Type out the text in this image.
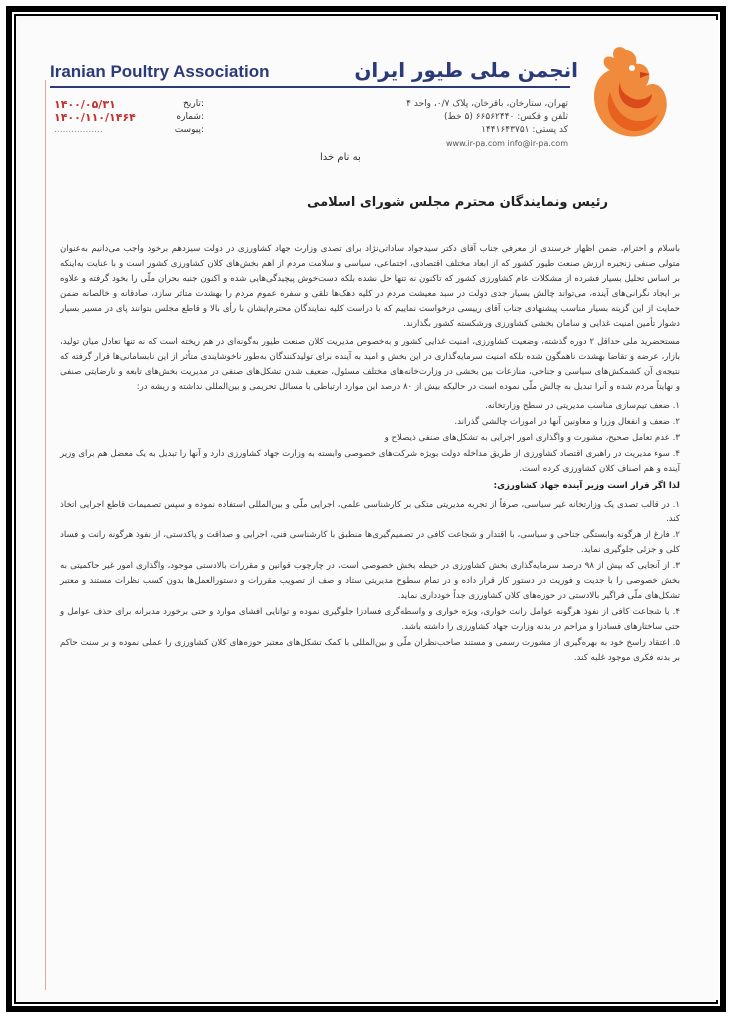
Iranian Poultry Association	انجمن ملی طیور ایران
تهران، ستارخان، باقرخان، پلاک ۰/۷، واحد ۴
تلفن و فکس: ۶۶۵۶۲۴۴۰ (۵ خط)
کد پستی: ۱۴۴۱۶۴۳۷۵۱
www.ir-pa.com info@ir-pa.com
۱۴۰۰/۰۵/۳۱	تاریخ:
۱۴۰۰/۱۱۰/۱۴۶۴	شماره:
.................	پیوست:
به نام خدا
رئیس ونمایندگان محترم مجلس شورای اسلامی

باسلام و احترام، ضمن اظهار خرسندی از معرفی جناب آقای دکتر سیدجواد ساداتی‌نژاد برای تصدی وزارت جهاد کشاورزی در دولت سیزدهم برخود واجب می‌دانیم به‌عنوان متولی صنفی زنجیره ارزش صنعت طیور کشور که از ابعاد مختلف اقتصادی، اجتماعی، سیاسی و سلامت مردم از اهم بخش‌های کلان کشاورزی کشور است و با عنایت به‌اینکه بر اساس تحلیل بسیار فشرده از مشکلات عام کشاورزی کشور که تاکنون نه تنها حل نشده بلکه دست‌خوش پیچیدگی‌هایی شده و اکنون جنبه بحران ملّی را بخود گرفته و علاوه بر ایجاد نگرانی‌های آینده، می‌تواند چالش بسیار جدی دولت در سبد معیشت مردم در کلیه دهک‌ها تلقی و سفره عموم مردم را بهشدت متاثر سازد، صادقانه و خالصانه ضمن حمایت از این گزینه بسیار مناسب پیشنهادی جناب آقای رییسی درخواست نماییم که با دراست کلیه نمایندگان محترم‌ایشان با رأی بالا و قاطع مجلس بتوانند پای در مسیر بسیار دشوار تأمین امنیت غذایی و سامان بخشی کشاورزی ورشکسته کشور بگذارند.

مستحضرید ملی حداقل ۲ دوره گذشته، وضعیت کشاورزی، امنیت غذایی کشور و به‌خصوص مدیریت کلان صنعت طیور به‌گونه‌ای در هم ریخته است که نه تنها تعادل میان تولید، بازار، عرضه و تقاضا بهشدت ناهمگون شده بلکه امنیت سرمایه‌گذاری در این بخش و امید به آینده برای تولیدکنندگان به‌طور ناخوشایندی متأثر از این نابسامانی‌ها قرار گرفته که نتیجه‌ی آن کشمکش‌های سیاسی و جناحی، منازعات بین بخشی در وزارت‌خانه‌های مختلف مسئول، ضعیف شدن تشکل‌های صنفی در مدیریت بخش‌های تابعه و نارضایتی صنفی و نهایتاً مردم شده و آنرا تبدیل به چالش ملّی نموده است در حالیکه بیش از ۸۰ درصد این موارد ارتباطی با مسائل تحریمی و بین‌المللی نداشته و ریشه در:

۱. ضعف تیم‌سازی مناسب مدیریتی در سطح وزارتخانه.

۲. ضعف و انفعال وزرا و معاونین آنها در امورات چالشی گذراند.

۳. عدم تعامل صحیح، مشورت و واگذاری امور اجرایی به تشکل‌های صنفی ذیصلاح و

۴. سوء مدیریت در راهبری اقتصاد کشاورزی از طریق مداخله دولت بویژه شرکت‌های خصوصی وابسته به وزارت جهاد کشاورزی دارد و آنها را تبدیل به یک معضل هم برای وزیر آینده و هم اصناف کلان کشاورزی کرده است.

لذا اگر قرار است وزیر آینده جهاد کشاورزی:

۱. در قالب تصدی یک وزارتخانه غیر سیاسی، صرفاً از تجربه مدیریتی متکی بر کارشناسی علمی، اجرایی ملّی و بین‌المللی استفاده نموده و سپس تصمیمات قاطع اجرایی اتخاذ کند.

۲. فارغ از هرگونه وابستگی جناحی و سیاسی، با اقتدار و شجاعت کافی در تصمیم‌گیری‌ها منطبق با کارشناسی فنی، اجرایی و صداقت و پاکدستی، از نفوذ هرگونه رانت و فساد کلی و جزئی جلوگیری نماید.

۳. از آنجایی که بیش از ۹۸ درصد سرمایه‌گذاری بخش کشاورزی در حیطه بخش خصوصی است، در چارچوب قوانین و مقررات بالادستی موجود، واگذاری امور غیر حاکمیتی به بخش خصوصی را با جدیت و فوریت در دستور کار قرار داده و در تمام سطوح مدیریتی ستاد و صف از تصویب مقررات و دستورالعمل‌ها بدون کسب نظرات مستند و معتبر تشکل‌های ملّی فراگیر بالادستی در حوزه‌های کلان کشاورزی جداً خودداری نماید.

۴. با شجاعت کافی از نفوذ هرگونه عوامل رانت خواری، ویژه خواری و واسطه‌گری فسادزا جلوگیری نموده و توانایی افشای موارد و حتی برخورد مدبرانه برای حذف عوامل و حتی ساختارهای فسادزا و مزاحم در بدنه وزارت جهاد کشاورزی را داشته باشد.

۵. اعتقاد راسخ خود به بهره‌گیری از مشورت رسمی و مستند صاحب‌نظران ملّی و بین‌المللی با کمک تشکل‌های معتبر حوزه‌های کلان کشاورزی را عملی نموده و بر سنت حاکم بر بدنه فکری موجود غلبه کند.
